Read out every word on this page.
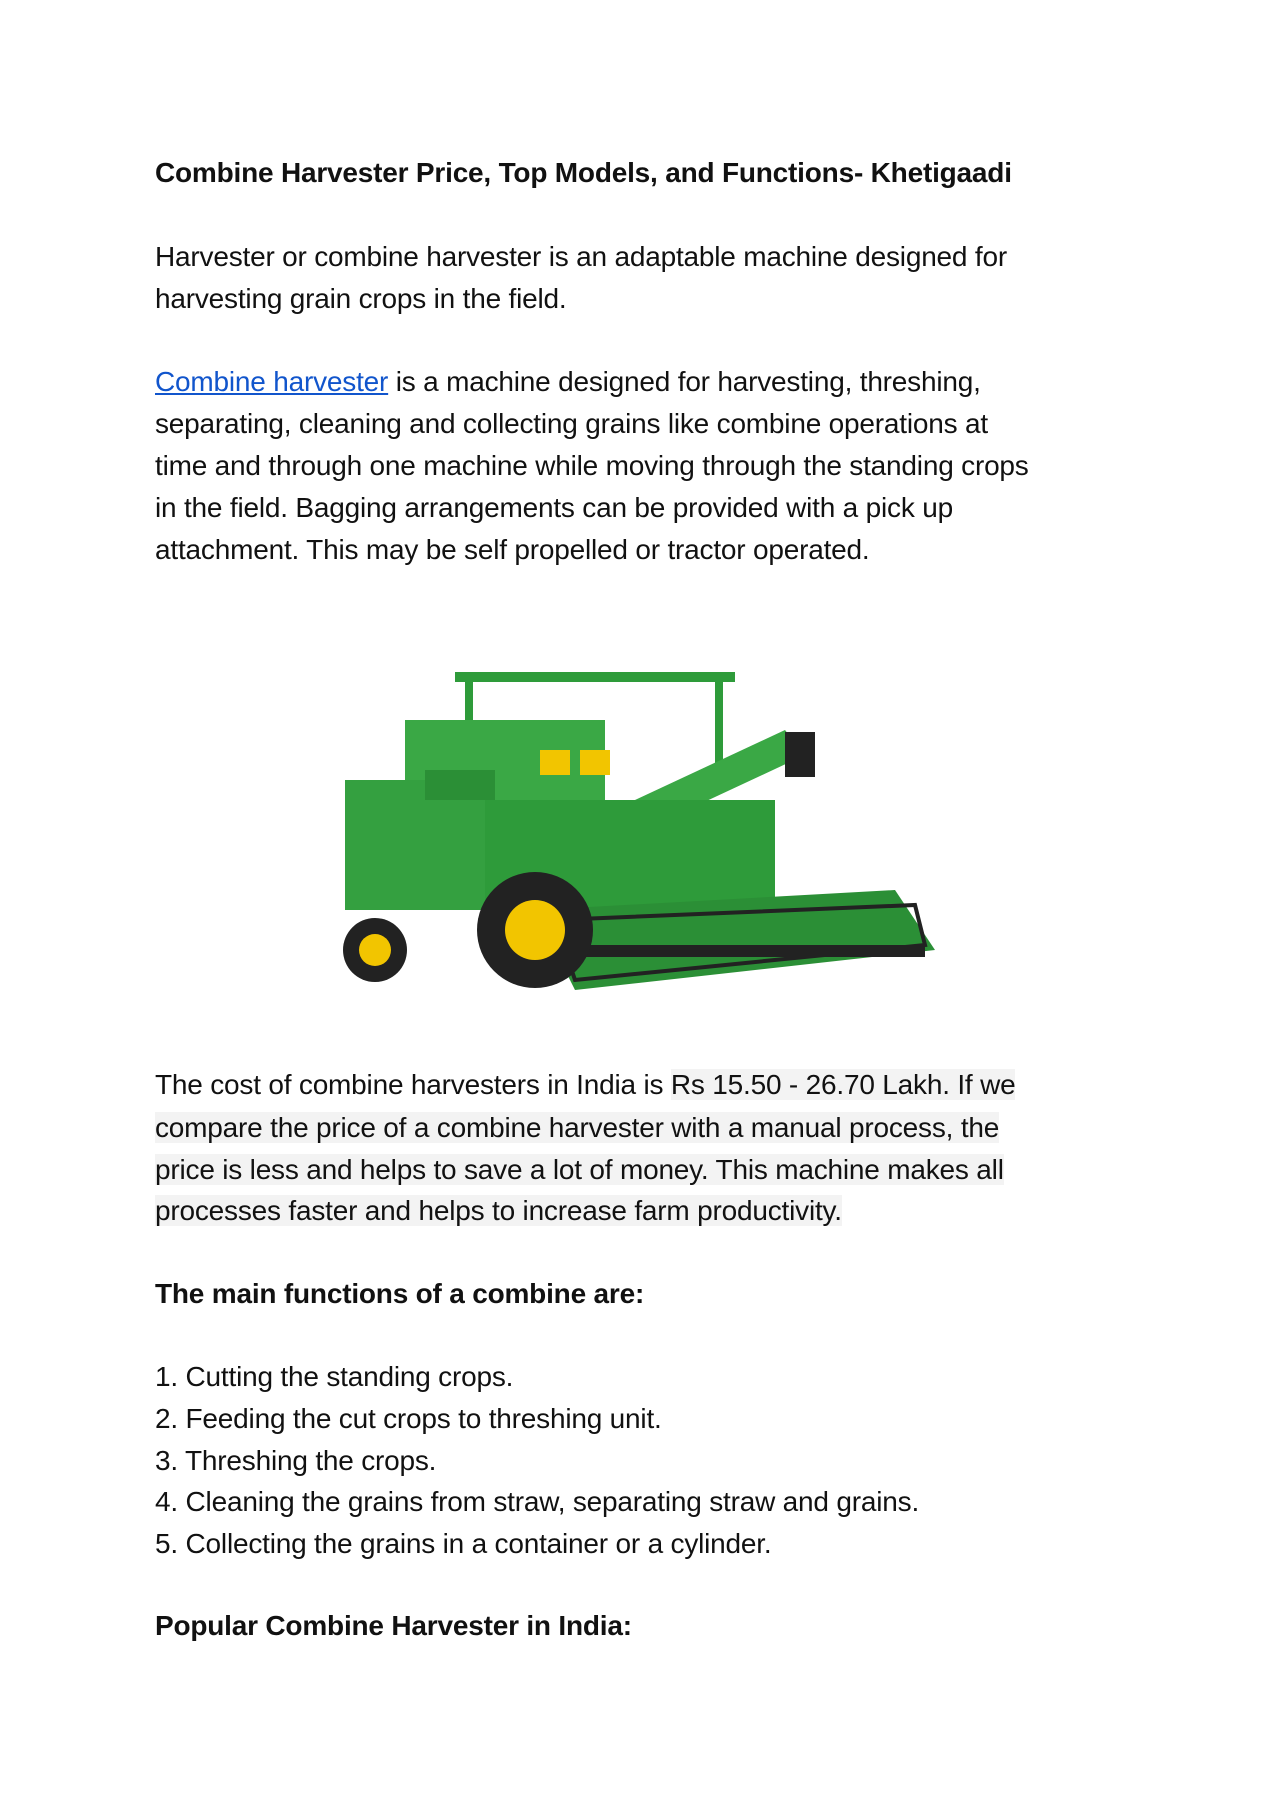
Combine Harvester Price, Top Models, and Functions- Khetigaadi
Harvester or combine harvester is an adaptable machine designed for
harvesting grain crops in the field.
Combine harvester is a machine designed for harvesting, threshing,
separating, cleaning and collecting grains like combine operations at
time and through one machine while moving through the standing crops
in the field. Bagging arrangements can be provided with a pick up
attachment. This may be self propelled or tractor operated.
The cost of combine harvesters in India is Rs 15.50 - 26.70 Lakh. If we
compare the price of a combine harvester with a manual process, the
price is less and helps to save a lot of money. This machine makes all
processes faster and helps to increase farm productivity.
The main functions of a combine are:
1. Cutting the standing crops.
2. Feeding the cut crops to threshing unit.
3. Threshing the crops.
4. Cleaning the grains from straw, separating straw and grains.
5. Collecting the grains in a container or a cylinder.
Popular Combine Harvester in India:
